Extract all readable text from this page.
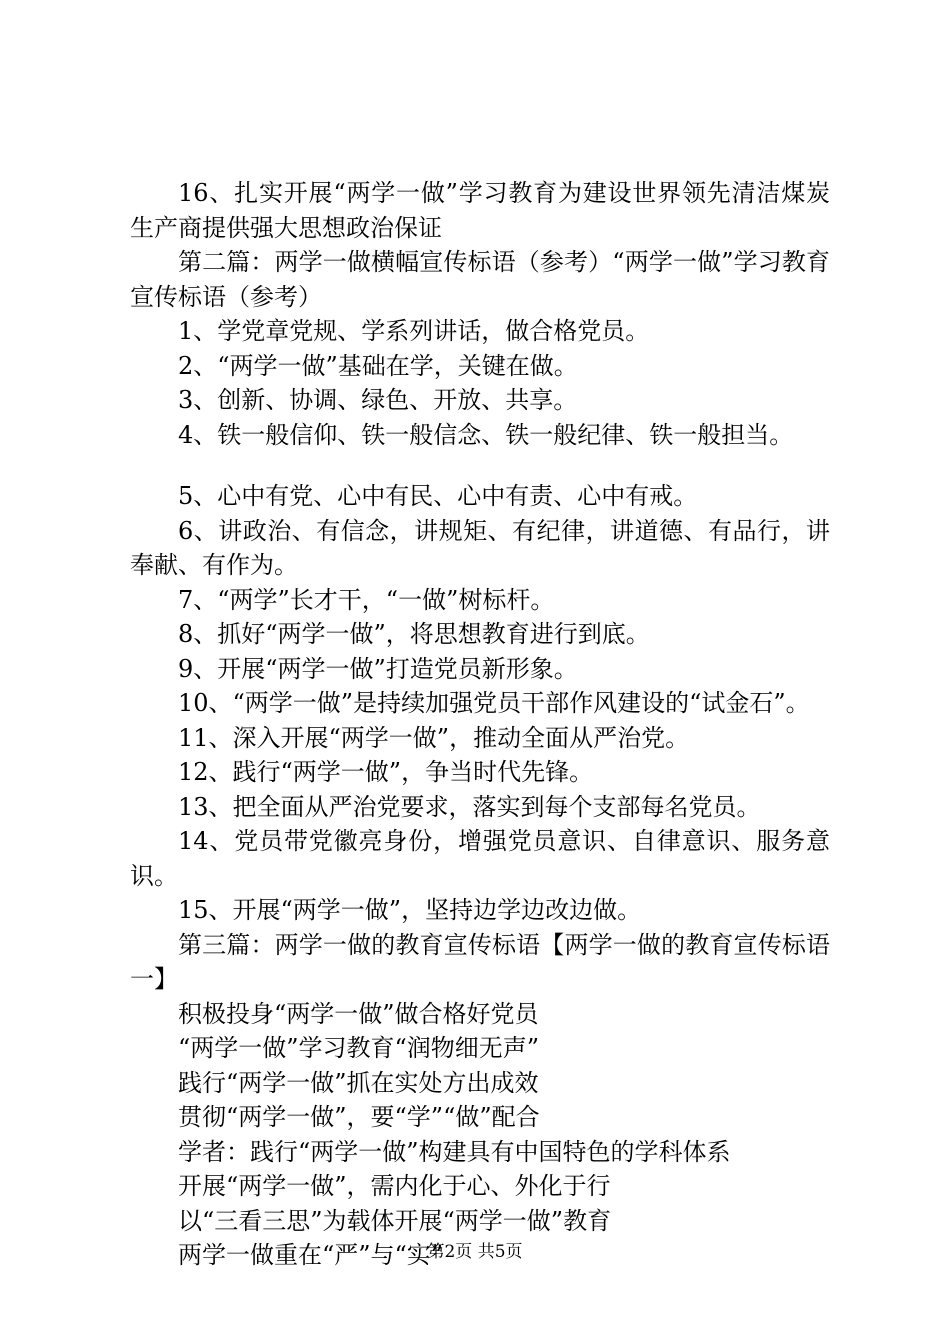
16、扎实开展“两学一做”学习教育为建设世界领先清洁煤炭生产商提供强大思想政治保证

第二篇：两学一做横幅宣传标语（参考）“两学一做”学习教育宣传标语（参考）

1、学党章党规、学系列讲话，做合格党员。

2、“两学一做”基础在学，关键在做。

3、创新、协调、绿色、开放、共享。

4、铁一般信仰、铁一般信念、铁一般纪律、铁一般担当。

5、心中有党、心中有民、心中有责、心中有戒。

6、讲政治、有信念，讲规矩、有纪律，讲道德、有品行，讲奉献、有作为。

7、“两学”长才干，“一做”树标杆。

8、抓好“两学一做”，将思想教育进行到底。

9、开展“两学一做”打造党员新形象。

10、“两学一做”是持续加强党员干部作风建设的“试金石”。

11、深入开展“两学一做”，推动全面从严治党。

12、践行“两学一做”，争当时代先锋。

13、把全面从严治党要求，落实到每个支部每名党员。

14、党员带党徽亮身份，增强党员意识、自律意识、服务意识。

15、开展“两学一做”，坚持边学边改边做。

第三篇：两学一做的教育宣传标语【两学一做的教育宣传标语一】

积极投身“两学一做”做合格好党员

“两学一做”学习教育“润物细无声”

践行“两学一做”抓在实处方出成效

贯彻“两学一做”，要“学”“做”配合

学者：践行“两学一做”构建具有中国特色的学科体系

开展“两学一做”，需内化于心、外化于行

以“三看三思”为载体开展“两学一做”教育

两学一做重在“严”与“实”

第2页 共5页
